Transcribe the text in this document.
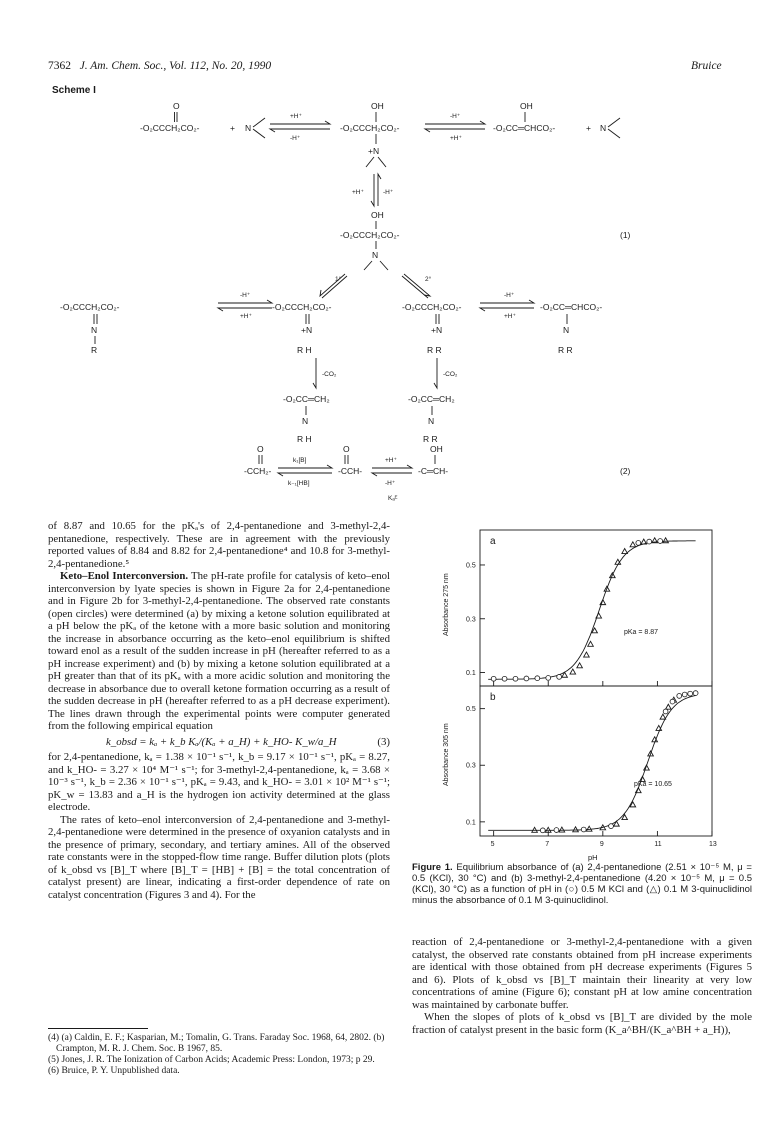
7362 J. Am. Chem. Soc., Vol. 112, No. 20, 1990	Bruice
Scheme I
O
-O₂CCCH₂CO₂-	+ N
+H⁺
-H⁺
OH
-O₂CCCH₂CO₂-
+N
-H⁺
+H⁺
OH
-O₂CC═CHCO₂-	+ N
+H⁺	-H⁺
OH
-O₂CCCH₂CO₂-
N
(1)
1°	2°
-O₂CCCH₂CO₂-
N
R
-H⁺
+H⁺
-O₂CCCH₂CO₂-
+N
R H
-O₂CCCH₂CO₂-
+N
R R
-H⁺
+H⁺
-O₂CC═CHCO₂-
N
R R
-CO₂	-CO₂
-O₂CC═CH₂
N
R H
-O₂CC═CH₂
N
R R
O
-CCH₂-
k₁[B]
k₋₁[HB]
O
-CCH-
+H⁺
-H⁺
Kₐᴱ
OH
-C═CH-	(2)

of 8.87 and 10.65 for the pKₐ's of 2,4-pentanedione and 3-methyl-2,4-pentanedione, respectively. These are in agreement with the previously reported values of 8.84 and 8.82 for 2,4-pentanedione⁴ and 10.8 for 3-methyl-2,4-pentanedione.⁵

Keto–Enol Interconversion. The pH-rate profile for catalysis of keto–enol interconversion by lyate species is shown in Figure 2a for 2,4-pentanedione and in Figure 2b for 3-methyl-2,4-pentanedione. The observed rate constants (open circles) were determined (a) by mixing a ketone solution equilibrated at a pH below the pKₐ of the ketone with a more basic solution and monitoring the increase in absorbance occurring as the keto–enol equilibrium is shifted toward enol as a result of the sudden increase in pH (hereafter referred to as a pH increase experiment) and (b) by mixing a ketone solution equilibrated at a pH greater than that of its pKₐ with a more acidic solution and monitoring the decrease in absorbance due to overall ketone formation occurring as a result of the sudden decrease in pH (hereafter referred to as a pH decrease experiment). The lines drawn through the experimental points were computer generated from the following empirical equation

k_obsd = kₐ + k_b Kₐ/(Kₐ + a_H) + k_HO- K_w/a_H	(3)

for 2,4-pentanedione, kₐ = 1.38 × 10⁻¹ s⁻¹, k_b = 9.17 × 10⁻¹ s⁻¹, pKₐ = 8.27, and k_HO- = 3.27 × 10⁴ M⁻¹ s⁻¹; for 3-methyl-2,4-pentanedione, kₐ = 3.68 × 10⁻³ s⁻¹, k_b = 2.36 × 10⁻¹ s⁻¹, pKₐ = 9.43, and k_HO- = 3.01 × 10² M⁻¹ s⁻¹; pK_w = 13.83 and a_H is the hydrogen ion activity determined at the glass electrode.

The rates of keto–enol interconversion of 2,4-pentanedione and 3-methyl-2,4-pentanedione were determined in the presence of oxyanion catalysts and in the presence of primary, secondary, and tertiary amines. All of the observed rate constants were in the stopped-flow time range. Buffer dilution plots (plots of k_obsd vs [B]_T where [B]_T = [HB] + [B] = the total concentration of catalyst present) are linear, indicating a first-order dependence of rate on catalyst concentration (Figures 3 and 4). For the

(4) (a) Caldin, E. F.; Kasparian, M.; Tomalin, G. Trans. Faraday Soc. 1968, 64, 2802. (b) Crampton, M. R. J. Chem. Soc. B 1967, 85.
(5) Jones, J. R. The Ionization of Carbon Acids; Academic Press: London, 1973; p 29.
(6) Bruice, P. Y. Unpublished data.
a
b
Absorbance 275 nm
Absorbance 305 nm
pH
pKa = 8.87
pKa = 10.65
0.1
0.3
0.5
0.1
0.3
0.5
5	7	9	11	13
Figure 1. Equilibrium absorbance of (a) 2,4-pentanedione (2.51 × 10⁻⁵ M, μ = 0.5 (KCl), 30 °C) and (b) 3-methyl-2,4-pentanedione (4.20 × 10⁻⁵ M, μ = 0.5 (KCl), 30 °C) as a function of pH in (○) 0.5 M KCl and (△) 0.1 M 3-quinuclidinol minus the absorbance of 0.1 M 3-quinuclidinol.

reaction of 2,4-pentanedione or 3-methyl-2,4-pentanedione with a given catalyst, the observed rate constants obtained from pH increase experiments are identical with those obtained from pH decrease experiments (Figures 5 and 6). Plots of k_obsd vs [B]_T maintain their linearity at very low concentrations of amine (Figure 6); constant pH at low amine concentration was maintained by carbonate buffer.

When the slopes of plots of k_obsd vs [B]_T are divided by the mole fraction of catalyst present in the basic form (K_a^BH/(K_a^BH + a_H)),
